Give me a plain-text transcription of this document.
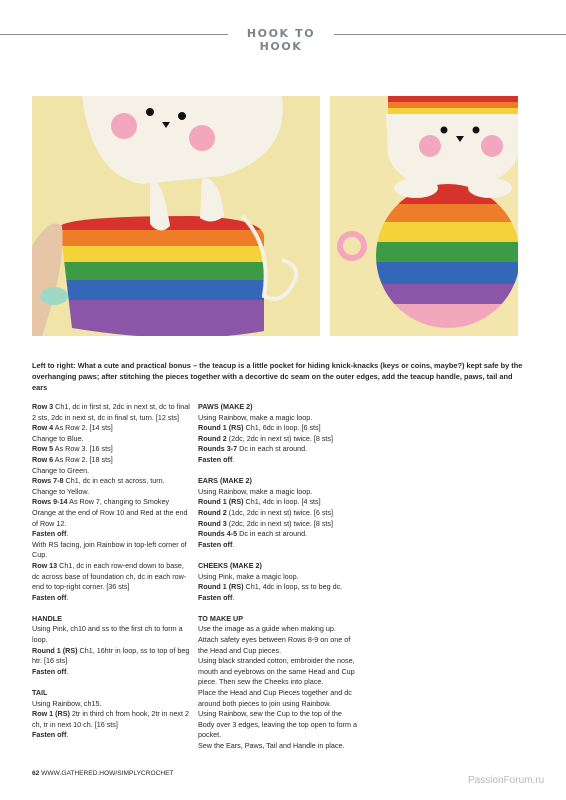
HOOK TO HOOK
Left to right: What a cute and practical bonus – the teacup is a little pocket for hiding knick-knacks (keys or coins, maybe?) kept safe by the overhanging paws; after stitching the pieces together with a decortive dc seam on the outer edges, add the teacup handle, paws, tail and ears

Row 3 Ch1, dc in first st, 2dc in next st, dc to final 2 sts, 2dc in next st, dc in final st, turn. [12 sts]

Row 4 As Row 2. [14 sts]

Change to Blue.

Row 5 As Row 3. [16 sts]

Row 6 As Row 2. [18 sts]

Change to Green.

Rows 7-8 Ch1, dc in each st across, turn.

Change to Yellow.

Rows 9-14 As Row 7, changing to Smokey Orange at the end of Row 10 and Red at the end of Row 12.

Fasten off.

With RS facing, join Rainbow in top-left corner of Cup.

Row 13 Ch1, dc in each row-end down to base, dc across base of foundation ch, dc in each row-end to top-right corner. [36 sts]

Fasten off.

HANDLE

Using Pink, ch10 and ss to the first ch to form a loop.

Round 1 (RS) Ch1, 16htr in loop, ss to top of beg htr. [16 sts]

Fasten off.

TAIL

Using Rainbow, ch15.

Row 1 (RS) 2tr in third ch from hook, 2tr in next 2 ch, tr in next 10 ch. [16 sts]

Fasten off.

PAWS (MAKE 2)

Using Rainbow, make a magic loop.

Round 1 (RS) Ch1, 6dc in loop. [6 sts]

Round 2 (2dc, 2dc in next st) twice. [8 sts]

Rounds 3-7 Dc in each st around.

Fasten off.

EARS (MAKE 2)

Using Rainbow, make a magic loop.

Round 1 (RS) Ch1, 4dc in loop. [4 sts]

Round 2 (1dc, 2dc in next st) twice. [6 sts]

Round 3 (2dc, 2dc in next st) twice. [8 sts]

Rounds 4-5 Dc in each st around.

Fasten off.

CHEEKS (MAKE 2)

Using Pink, make a magic loop.

Round 1 (RS) Ch1, 4dc in loop, ss to beg dc.

Fasten off.

TO MAKE UP

Use the image as a guide when making up.

Attach safety eyes between Rows 8-9 on one of the Head and Cup pieces.

Using black stranded cotton, embroider the nose, mouth and eyebrows on the same Head and Cup piece. Then sew the Cheeks into place.

Place the Head and Cup Pieces together and dc around both pieces to join using Rainbow.

Using Rainbow, sew the Cup to the top of the Body over 3 edges, leaving the top open to form a pocket.

Sew the Ears, Paws, Tail and Handle in place.

62 WWW.GATHERED.HOW/SIMPLYCROCHET
PassionForum.ru
